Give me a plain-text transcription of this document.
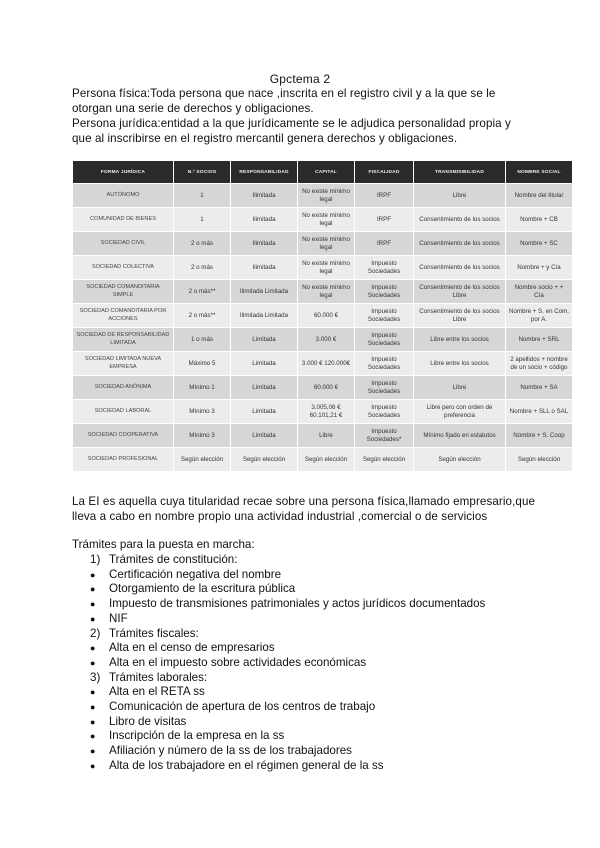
Gpctema 2
Persona física:Toda persona que nace ,inscrita en el registro civil y a la que se le otorgan una serie de derechos y obligaciones.
Persona jurídica:entidad a la que jurídicamente se le adjudica personalidad propia y que al inscribirse en el registro mercantil genera derechos y obligaciones.
FORMA JURÍDICA	N.º SOCIOS	RESPONSABILIDAD	CAPITAL	FISCALIDAD	TRANSMISIBILIDAD	NOMBRE SOCIAL
AUTÓNOMO	1	Ilimitada	No existe mínimo legal	IRPF	Libre	Nombre del titular
COMUNIDAD DE BIENES	1	Ilimitada	No existe mínimo legal	IRPF	Consentimiento de los socios	Nombre + CB
SOCIEDAD CIVIL	2 o más	Ilimitada	No existe mínimo legal	IRPF	Consentimiento de los socios	Nombre + SC
SOCIEDAD COLECTIVA	2 o más	Ilimitada	No existe mínimo legal	Impuesto Sociedades	Consentimiento de los socios	Nombre + y Cía
SOCIEDAD COMANDITARIA SIMPLE	2 o más**	Ilimitada Limitada	No existe mínimo legal	Impuesto Sociedades	Consentimiento de los socios Libre	Nombre socio + + Cía
SOCIEDAD COMANDITARIA POR ACCIONES	2 o más**	Ilimitada Limitada	60.000 €	Impuesto Sociedades	Consentimiento de los socios Libre	Nombre + S. en Com. por A.
SOCIEDAD DE RESPONSABILIDAD LIMITADA	1 o más	Limitada	3.000 €	Impuesto Sociedades	Libre entre los socios	Nombre + SRL
SOCIEDAD LIMITADA NUEVA EMPRESA	Máximo 5	Limitada	3.000 € 120.000€	Impuesto Sociedades	Libre entre los socios	2 apellidos + nombre de un socio + código
SOCIEDAD ANÓNIMA	Mínimo 1	Limitada	60.000 €	Impuesto Sociedades	Libre	Nombre + SA
SOCIEDAD LABORAL	Mínimo 3	Limitada	3.005,06 € 60.101,21 €	Impuesto Sociedades	Libre pero con orden de preferencia	Nombre + SLL o SAL
SOCIEDAD COOPERATIVA	Mínimo 3	Limitada	Libre	Impuesto Sociedades*	Mínimo fijado en estatutos	Nombre + S. Coop
SOCIEDAD PROFESIONAL	Según elección	Según elección	Según elección	Según elección	Según elección	Según elección
La EI es aquella cuya titularidad recae sobre una persona física,llamado empresario,que lleva a cabo en nombre propio una actividad industrial ,comercial o de servicios
Trámites para la puesta en marcha:
1) Trámites de constitución:
●	Certificación negativa del nombre
●	Otorgamiento de la escritura pública
●	Impuesto de transmisiones patrimoniales y actos jurídicos documentados
●	NIF
2) Trámites fiscales:
●	Alta en el censo de empresarios
●	Alta en el impuesto sobre actividades económicas
3) Trámites laborales:
●	Alta en el RETA ss
●	Comunicación de apertura de los centros de trabajo
●	Libro de visitas
●	Inscripción de la empresa en la ss
●	Afiliación y número de la ss de los trabajadores
●	Alta de los trabajadore en el régimen general de la ss
